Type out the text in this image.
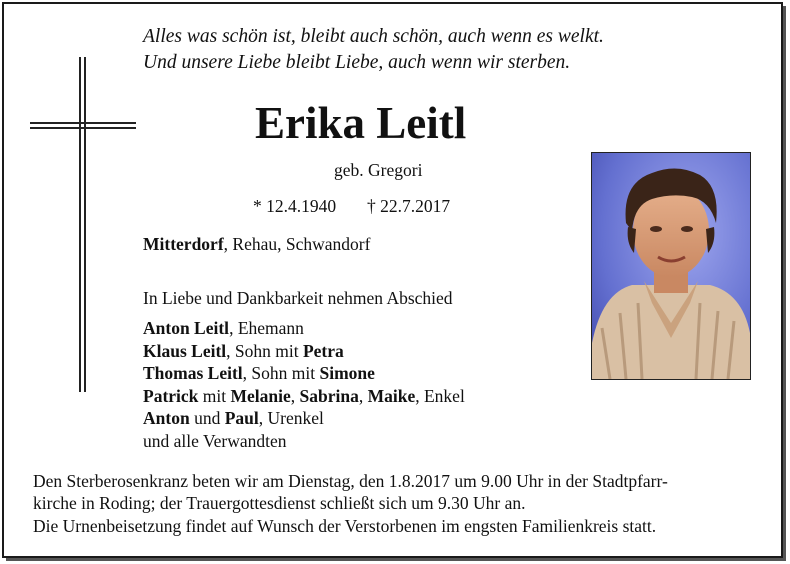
Alles was schön ist, bleibt auch schön, auch wenn es welkt.
Und unsere Liebe bleibt Liebe, auch wenn wir sterben.
Erika Leitl
geb. Gregori
* 12.4.1940 † 22.7.2017
Mitterdorf, Rehau, Schwandorf
In Liebe und Dankbarkeit nehmen Abschied
Anton Leitl, Ehemann
Klaus Leitl, Sohn mit Petra
Thomas Leitl, Sohn mit Simone
Patrick mit Melanie, Sabrina, Maike, Enkel
Anton und Paul, Urenkel
und alle Verwandten
Den Sterberosenkranz beten wir am Dienstag, den 1.8.2017 um 9.00 Uhr in der Stadtpfarr-
kirche in Roding; der Trauergottesdienst schließt sich um 9.30 Uhr an.
Die Urnenbeisetzung findet auf Wunsch der Verstorbenen im engsten Familienkreis statt.
